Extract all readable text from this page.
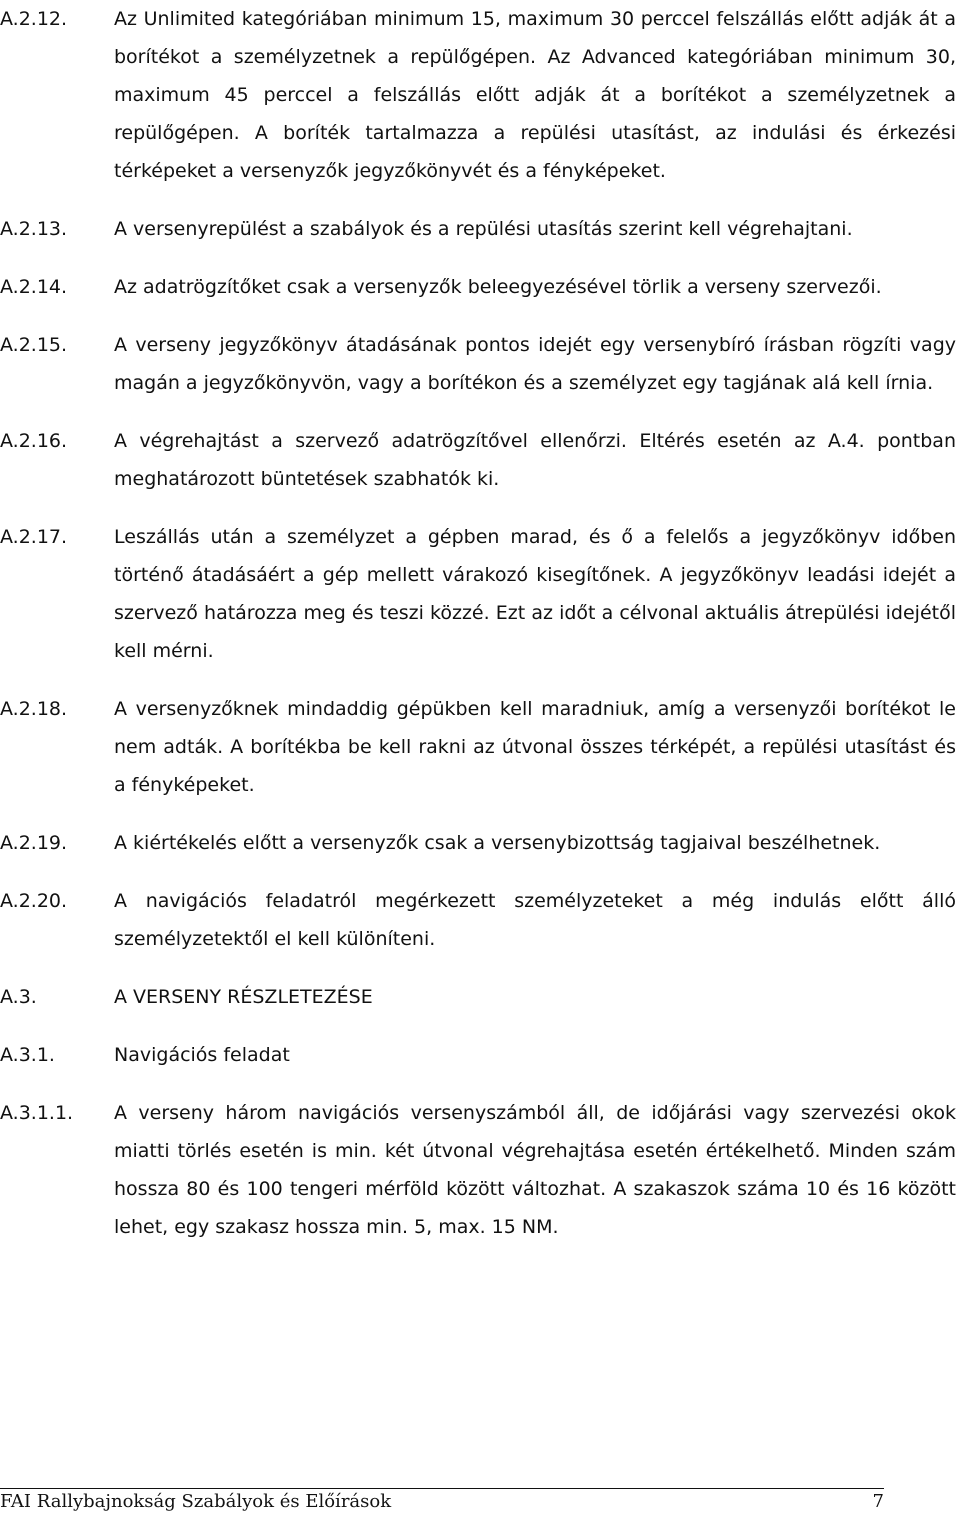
A.2.12.	Az Unlimited kategóriában minimum 15, maximum 30 perccel felszállás előtt adják át a borítékot a személyzetnek a repülőgépen. Az Advanced kategóriában minimum 30, maximum 45 perccel a felszállás előtt adják át a borítékot a személyzetnek a repülőgépen. A boríték tartalmazza a repülési utasítást, az indulási és érkezési térképeket a versenyzők jegyzőkönyvét és a fényképeket.
A.2.13.	A versenyrepülést a szabályok és a repülési utasítás szerint kell végrehajtani.
A.2.14.	Az adatrögzítőket csak a versenyzők beleegyezésével törlik a verseny szervezői.
A.2.15.	A verseny jegyzőkönyv átadásának pontos idejét egy versenybíró írásban rögzíti vagy magán a jegyzőkönyvön, vagy a borítékon és a személyzet egy tagjának alá kell írnia.
A.2.16.	A végrehajtást a szervező adatrögzítővel ellenőrzi. Eltérés esetén az A.4. pontban meghatározott büntetések szabhatók ki.
A.2.17.	Leszállás után a személyzet a gépben marad, és ő a felelős a jegyzőkönyv időben történő átadásáért a gép mellett várakozó kisegítőnek. A jegyzőkönyv leadási idejét a szervező határozza meg és teszi közzé. Ezt az időt a célvonal aktuális átrepülési idejétől kell mérni.
A.2.18.	A versenyzőknek mindaddig gépükben kell maradniuk, amíg a versenyzői borítékot le nem adták. A borítékba be kell rakni az útvonal összes térképét, a repülési utasítást és a fényképeket.
A.2.19.	A kiértékelés előtt a versenyzők csak a versenybizottság tagjaival beszélhetnek.
A.2.20.	A navigációs feladatról megérkezett személyzeteket a még indulás előtt álló személyzetektől el kell különíteni.
A.3.	A VERSENY RÉSZLETEZÉSE
A.3.1.	Navigációs feladat
A.3.1.1.	A verseny három navigációs versenyszámból áll, de időjárási vagy szervezési okok miatti törlés esetén is min. két útvonal végrehajtása esetén értékelhető. Minden szám hossza 80 és 100 tengeri mérföld között változhat. A szakaszok száma 10 és 16 között lehet, egy szakasz hossza min. 5, max. 15 NM.
FAI Rallybajnokság Szabályok és Előírások	7
